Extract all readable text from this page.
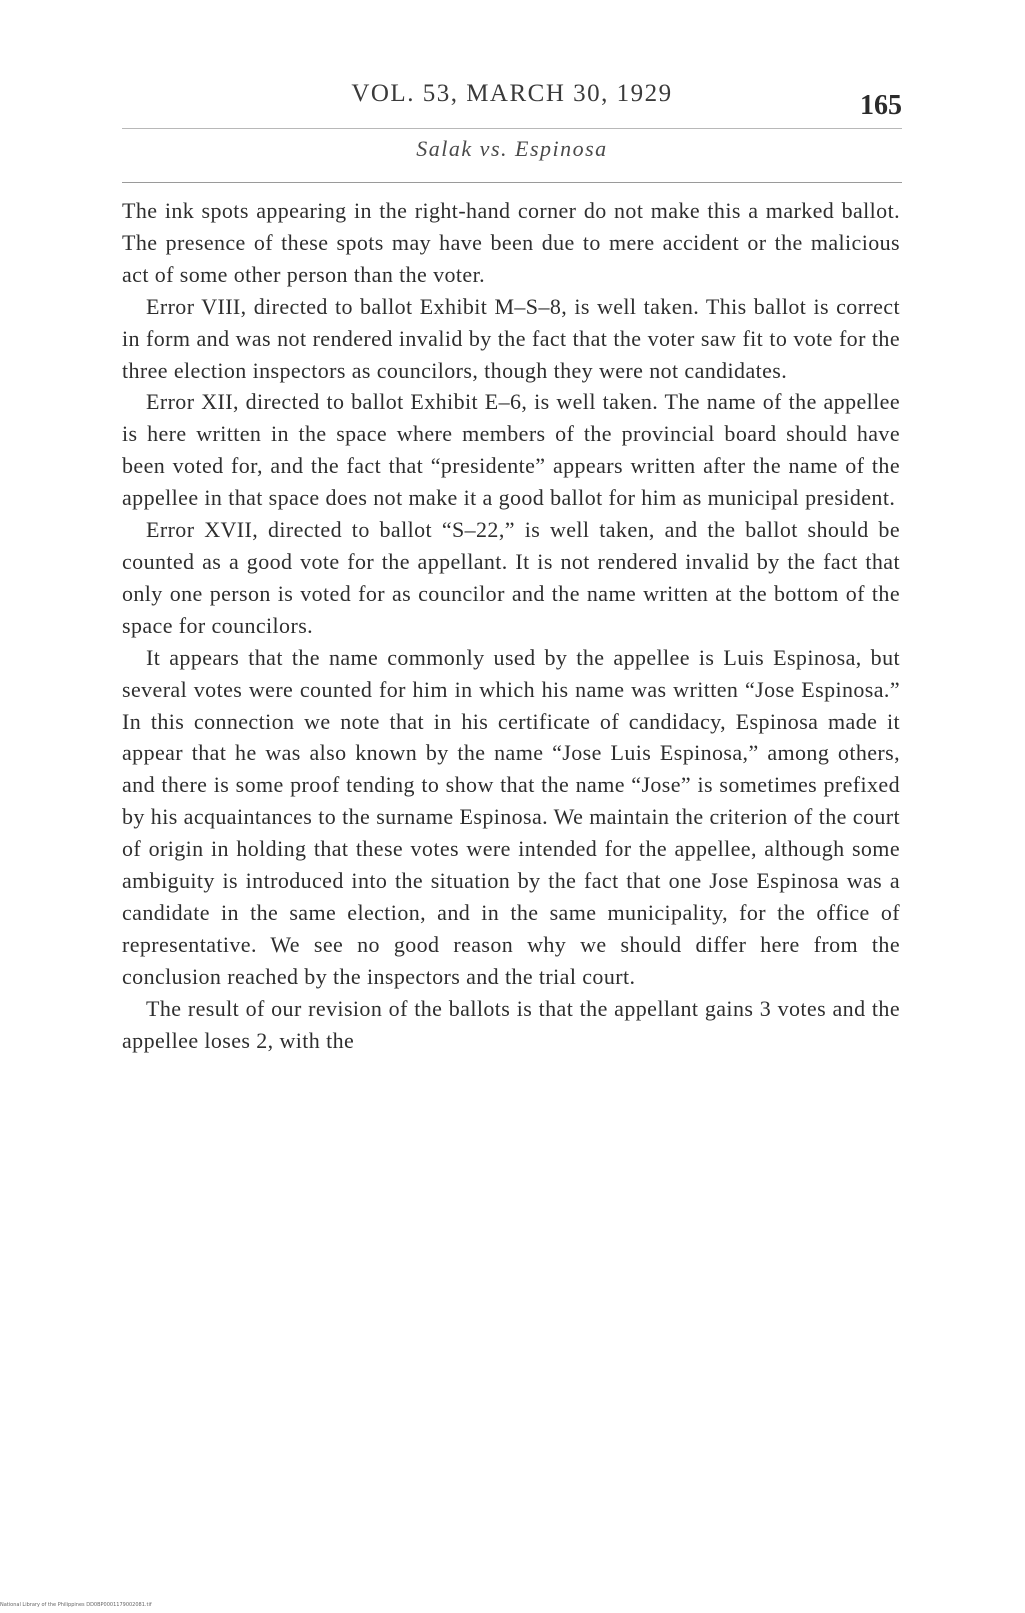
VOL. 53, MARCH 30, 1929	165
Salak vs. Espinosa

The ink spots appearing in the right-hand corner do not make this a marked ballot. The presence of these spots may have been due to mere accident or the malicious act of some other person than the voter.

Error VIII, directed to ballot Exhibit M–S–8, is well taken. This ballot is correct in form and was not rendered invalid by the fact that the voter saw fit to vote for the three election inspectors as councilors, though they were not candidates.

Error XII, directed to ballot Exhibit E–6, is well taken. The name of the appellee is here written in the space where members of the provincial board should have been voted for, and the fact that “presidente” appears written after the name of the appellee in that space does not make it a good ballot for him as municipal president.

Error XVII, directed to ballot “S–22,” is well taken, and the ballot should be counted as a good vote for the appellant. It is not rendered invalid by the fact that only one person is voted for as councilor and the name written at the bottom of the space for councilors.

It appears that the name commonly used by the appellee is Luis Espinosa, but several votes were counted for him in which his name was written “Jose Espinosa.” In this connection we note that in his certificate of candidacy, Espinosa made it appear that he was also known by the name “Jose Luis Espinosa,” among others, and there is some proof tending to show that the name “Jose” is sometimes prefixed by his acquaintances to the surname Espinosa. We maintain the criterion of the court of origin in holding that these votes were intended for the appellee, although some ambiguity is introduced into the situation by the fact that one Jose Espinosa was a candidate in the same election, and in the same municipality, for the office of representative. We see no good reason why we should differ here from the conclusion reached by the inspectors and the trial court.

The result of our revision of the ballots is that the appellant gains 3 votes and the appellee loses 2, with the

National Library of the Philippines DD0BP0001179002081.tif
